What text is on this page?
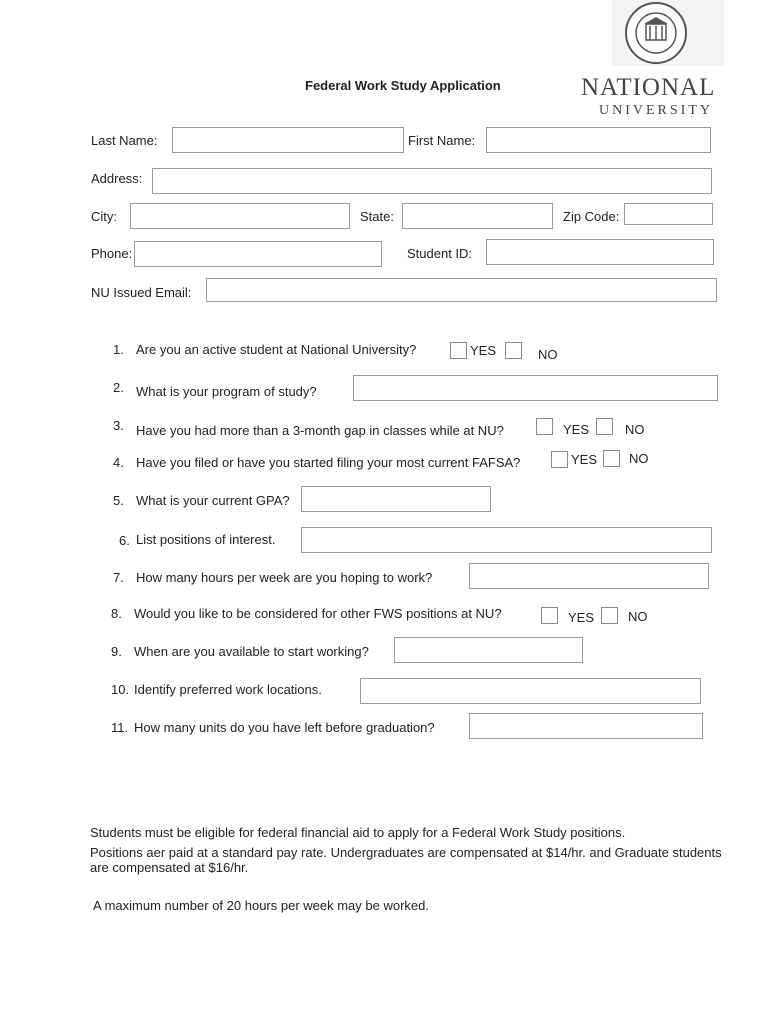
Federal Work Study Application	NATIONAL
UNIVERSITY
Last Name:	First Name:
Address:
City:	State:	Zip Code:
Phone:	Student ID:
NU Issued Email:
1. Are you an active student at National University?	YES	NO
2. What is your program of study?
3. Have you had more than a 3-month gap in classes while at NU?	YES	NO
4. Have you filed or have you started filing your most current FAFSA?	YES NO
5. What is your current GPA?
6. List positions of interest.
7. How many hours per week are you hoping to work?
8. Would you like to be considered for other FWS positions at NU?	YES	NO
9. When are you available to start working?
10. Identify preferred work locations.
11. How many units do you have left before graduation?
Students must be eligible for federal financial aid to apply for a Federal Work Study positions.
Positions aer paid at a standard pay rate. Undergraduates are compensated at $14/hr. and Graduate students are compensated at $16/hr.
A maximum number of 20 hours per week may be worked.
